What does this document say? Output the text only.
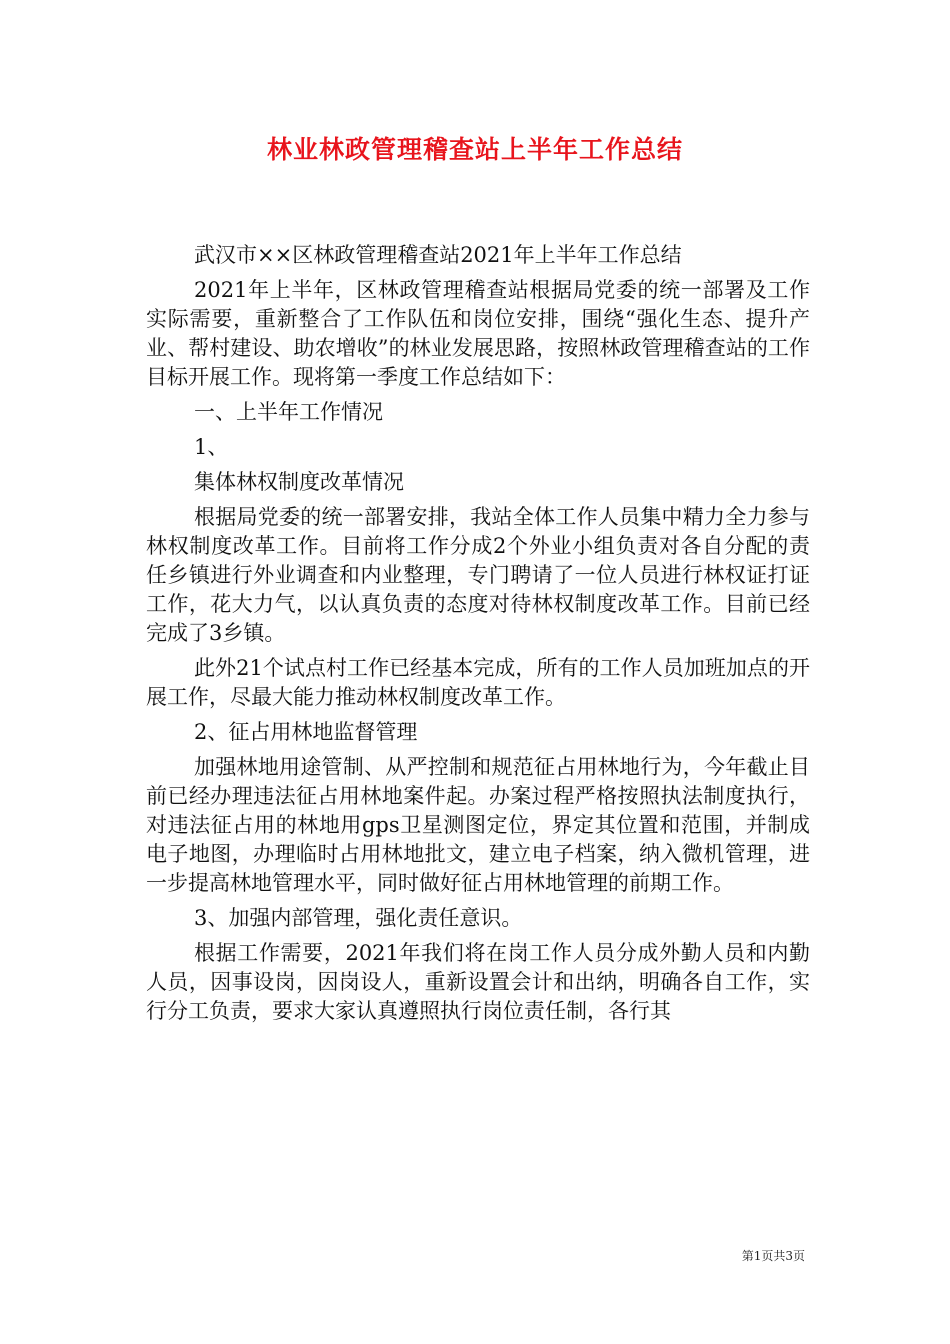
林业林政管理稽查站上半年工作总结

武汉市××区林政管理稽查站2021年上半年工作总结

2021年上半年，区林政管理稽查站根据局党委的统一部署及工作实际需要，重新整合了工作队伍和岗位安排，围绕“强化生态、提升产业、帮村建设、助农增收”的林业发展思路，按照林政管理稽查站的工作目标开展工作。现将第一季度工作总结如下：

一、上半年工作情况

1、

集体林权制度改革情况

根据局党委的统一部署安排，我站全体工作人员集中精力全力参与林权制度改革工作。目前将工作分成2个外业小组负责对各自分配的责任乡镇进行外业调查和内业整理，专门聘请了一位人员进行林权证打证工作，花大力气，以认真负责的态度对待林权制度改革工作。目前已经完成了3乡镇。

此外21个试点村工作已经基本完成，所有的工作人员加班加点的开展工作，尽最大能力推动林权制度改革工作。

2、征占用林地监督管理

加强林地用途管制、从严控制和规范征占用林地行为，今年截止目前已经办理违法征占用林地案件起。办案过程严格按照执法制度执行，对违法征占用的林地用gps卫星测图定位，界定其位置和范围，并制成电子地图，办理临时占用林地批文，建立电子档案，纳入微机管理，进一步提高林地管理水平，同时做好征占用林地管理的前期工作。

3、加强内部管理，强化责任意识。

根据工作需要，2021年我们将在岗工作人员分成外勤人员和内勤人员，因事设岗，因岗设人，重新设置会计和出纳，明确各自工作，实行分工负责，要求大家认真遵照执行岗位责任制，各行其

第1页共3页
